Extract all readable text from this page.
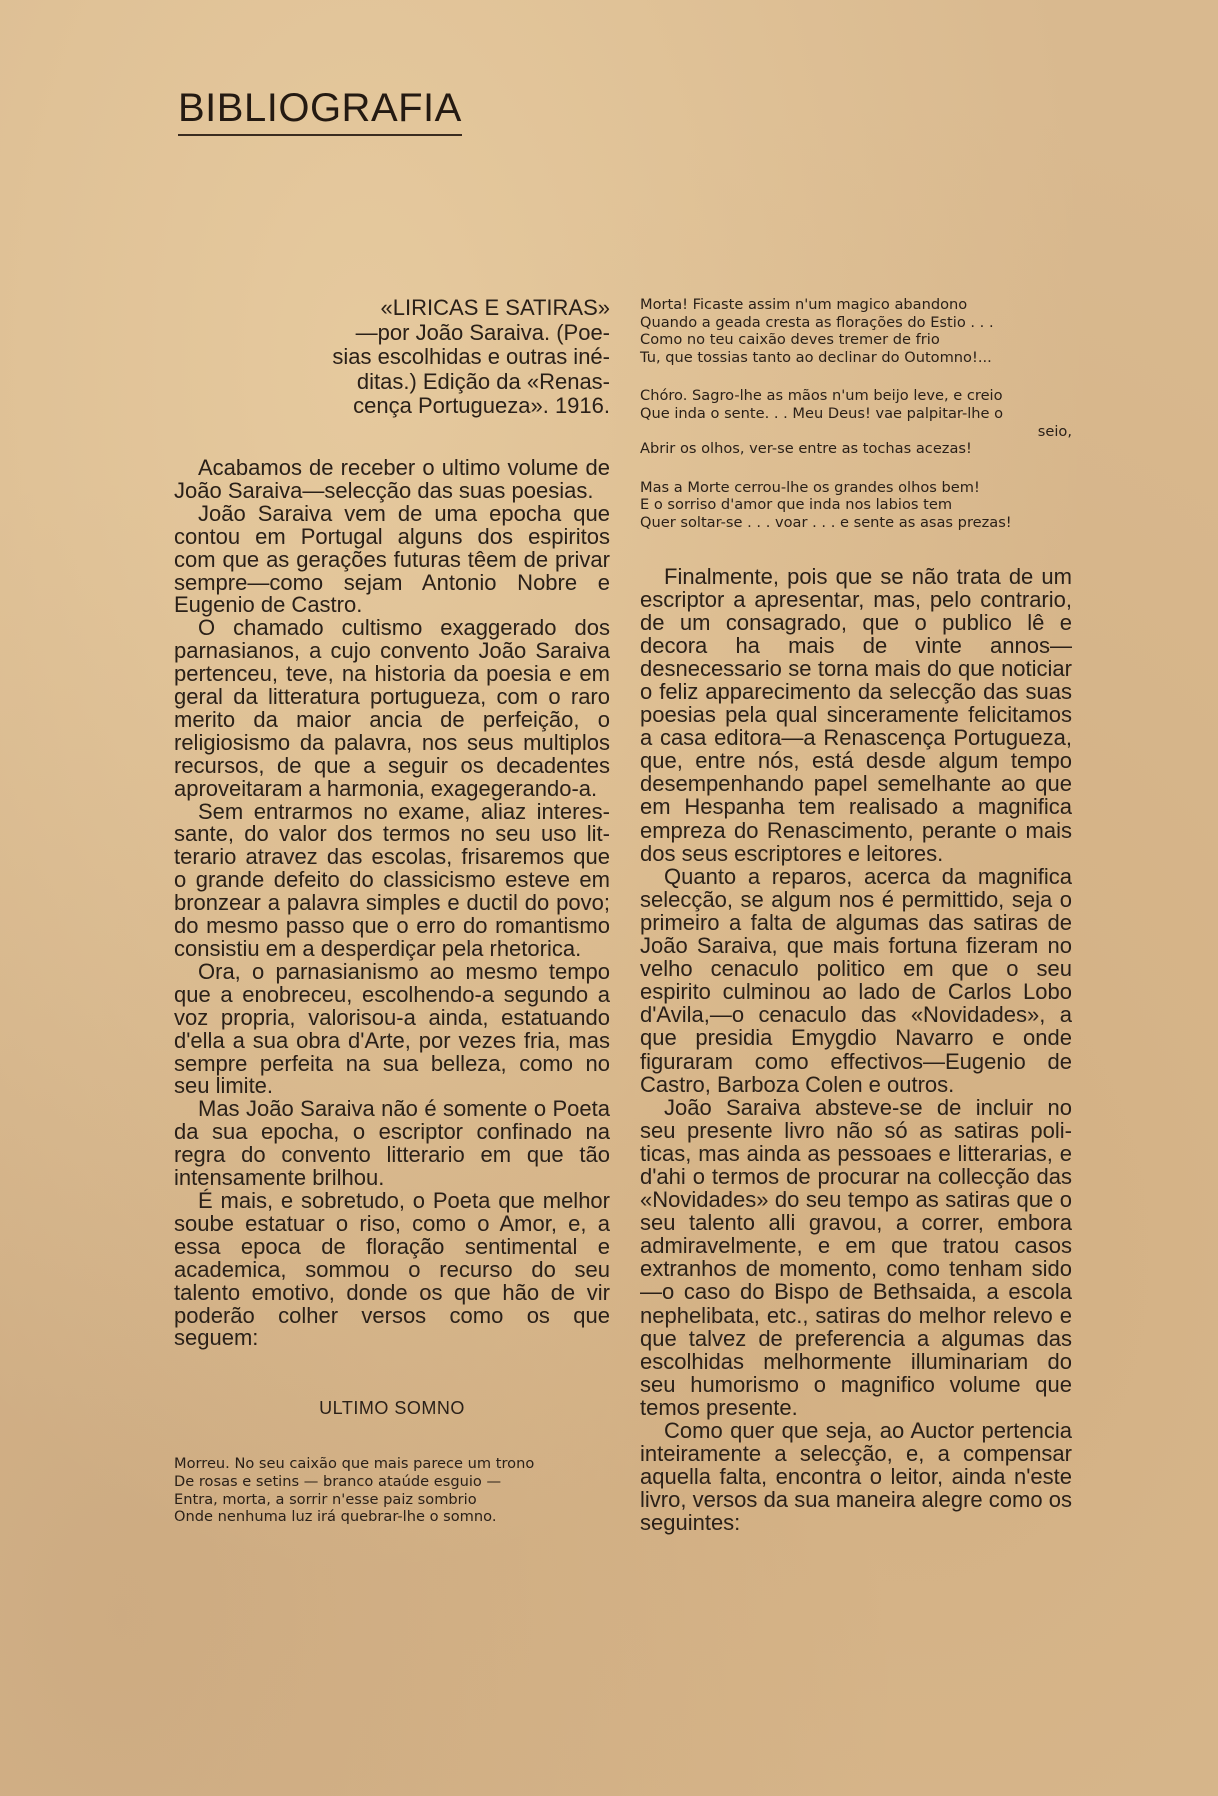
BIBLIOGRAFIA
«LIRICAS E SATIRAS»
—por João Saraiva. (Poe-
sias escolhidas e outras iné-
ditas.) Edição da «Renas-
cença Portugueza». 1916.

Acabamos de receber o ultimo volume de João Saraiva—selecção das suas poesias.

João Saraiva vem de uma epocha que contou em Portugal alguns dos espiritos com que as gerações futuras têem de privar sempre—como sejam Antonio Nobre e Eugenio de Castro.

O chamado cultismo exaggerado dos parnasianos, a cujo convento João Saraiva pertenceu, teve, na historia da poesia e em geral da litteratura portugueza, com o raro merito da maior ancia de perfeição, o religiosismo da palavra, nos seus multiplos recursos, de que a seguir os decadentes aproveitaram a harmonia, exagegerando-a.

Sem entrarmos no exame, aliaz interessante, do valor dos termos no seu uso litterario atravez das escolas, frisaremos que o grande defeito do classicismo esteve em bronzear a palavra simples e ductil do povo; do mesmo passo que o erro do romantismo consistiu em a desperdiçar pela rhetorica.

Ora, o parnasianismo ao mesmo tempo que a enobreceu, escolhendo-a segundo a voz propria, valorisou-a ainda, estatuando d'ella a sua obra d'Arte, por vezes fria, mas sempre perfeita na sua belleza, como no seu limite.

Mas João Saraiva não é somente o Poeta da sua epocha, o escriptor confinado na regra do convento litterario em que tão intensamente brilhou.

É mais, e sobretudo, o Poeta que melhor soube estatuar o riso, como o Amor, e, a essa epoca de floração sentimental e academica, sommou o recurso do seu talento emotivo, donde os que hão de vir poderão colher versos como os que seguem:

ULTIMO SOMNO

Morreu. No seu caixão que mais parece um trono

De rosas e setins — branco ataúde esguio —

Entra, morta, a sorrir n'esse paiz sombrio

Onde nenhuma luz irá quebrar-lhe o somno.

Morta! Ficaste assim n'um magico abandono

Quando a geada cresta as florações do Estio . . .

Como no teu caixão deves tremer de frio

Tu, que tossias tanto ao declinar do Outomno!...

Chóro. Sagro-lhe as mãos n'um beijo leve, e creio

Que inda o sente. . . Meu Deus! vae palpitar-lhe o

seio,

Abrir os olhos, ver-se entre as tochas acezas!

Mas a Morte cerrou-lhe os grandes olhos bem!

E o sorriso d'amor que inda nos labios tem

Quer soltar-se . . . voar . . . e sente as asas prezas!

Finalmente, pois que se não trata de um escriptor a apresentar, mas, pelo contrario, de um consagrado, que o publico lê e decora ha mais de vinte annos—desnecessario se torna mais do que noticiar o feliz apparecimento da selecção das suas poesias pela qual sinceramente felicitamos a casa editora—a Renascença Portugueza, que, entre nós, está desde algum tempo desempenhando papel semelhante ao que em Hespanha tem realisado a magnifica empreza do Renascimento, perante o mais dos seus escriptores e leitores.

Quanto a reparos, acerca da magnifica selecção, se algum nos é permittido, seja o primeiro a falta de algumas das satiras de João Saraiva, que mais fortuna fizeram no velho cenaculo politico em que o seu espirito culminou ao lado de Carlos Lobo d'Avila,—o cenaculo das «Novidades», a que presidia Emygdio Navarro e onde figuraram como effectivos—Eugenio de Castro, Barboza Colen e outros.

João Saraiva absteve-se de incluir no seu presente livro não só as satiras politicas, mas ainda as pessoaes e litterarias, e d'ahi o termos de procurar na collecção das «Novidades» do seu tempo as satiras que o seu talento alli gravou, a correr, embora admiravelmente, e em que tratou casos extranhos de momento, como tenham sido—o caso do Bispo de Bethsaida, a escola nephelibata, etc., satiras do melhor relevo e que talvez de preferencia a algumas das escolhidas melhormente illuminariam do seu humorismo o magnifico volume que temos presente.

Como quer que seja, ao Auctor pertencia inteiramente a selecção, e, a compensar aquella falta, encontra o leitor, ainda n'este livro, versos da sua maneira alegre como os seguintes:
